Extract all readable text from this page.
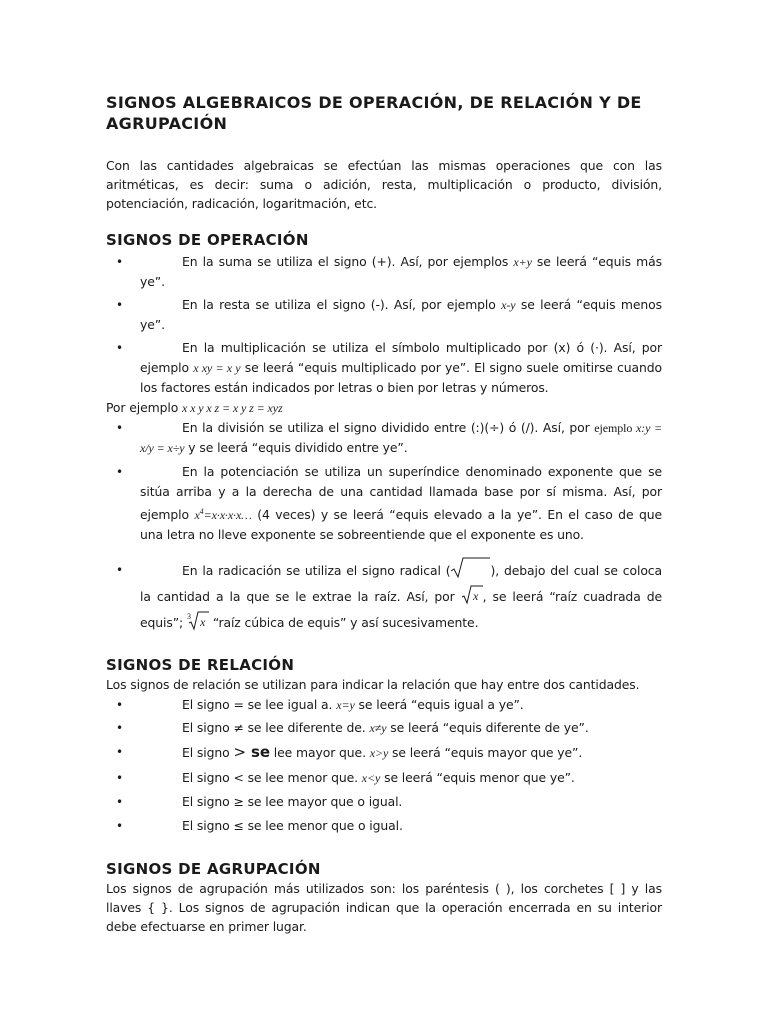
SIGNOS ALGEBRAICOS DE OPERACIÓN, DE RELACIÓN Y DE AGRUPACIÓN

Con las cantidades algebraicas se efectúan las mismas operaciones que con las aritméticas, es decir: suma o adición, resta, multiplicación o producto, división, potenciación, radicación, logaritmación, etc.

SIGNOS DE OPERACIÓN
•	En la suma se utiliza el signo (+). Así, por ejemplos x+y se leerá “equis más ye”.
•	En la resta se utiliza el signo (-). Así, por ejemplo x-y se leerá “equis menos ye”.
•	En la multiplicación se utiliza el símbolo multiplicado por (x) ó (·). Así, por ejemplo x xy = x y se leerá “equis multiplicado por ye”. El signo suele omitirse cuando los factores están indicados por letras o bien por letras y números.

Por ejemplo x x y x z = x y z = xyz

•	En la división se utiliza el signo dividido entre (:)(÷) ó (/). Así, por ejemplo x:y = x/y = x÷y y se leerá “equis dividido entre ye”.
•	En la potenciación se utiliza un superíndice denominado exponente que se sitúa arriba y a la derecha de una cantidad llamada base por sí misma. Así, por ejemplo $x^4=x\cdot x\cdot x\cdot x\dots$ (4 veces) y se leerá “equis elevado a la ye”. En el caso de que una letra no lleve exponente se sobreentiende que el exponente es uno.
•	En la radicación se utiliza el signo radical (	), debajo del cual se coloca la cantidad a la que se le extrae la raíz. Así, por x , se leerá “raíz cuadrada de equis”; 3 x “raíz cúbica de equis” y así sucesivamente.
SIGNOS DE RELACIÓN

Los signos de relación se utilizan para indicar la relación que hay entre dos cantidades.

•	El signo = se lee igual a. x=y se leerá “equis igual a ye”.
•	El signo ≠ se lee diferente de. x≠y se leerá “equis diferente de ye”.
•	El signo > se lee mayor que. x>y se leerá “equis mayor que ye”.
•	El signo < se lee menor que. x<y se leerá “equis menor que ye”.
•	El signo ≥ se lee mayor que o igual.
•	El signo ≤ se lee menor que o igual.
SIGNOS DE AGRUPACIÓN

Los signos de agrupación más utilizados son: los paréntesis ( ), los corchetes [ ] y las llaves { }. Los signos de agrupación indican que la operación encerrada en su interior debe efectuarse en primer lugar.
